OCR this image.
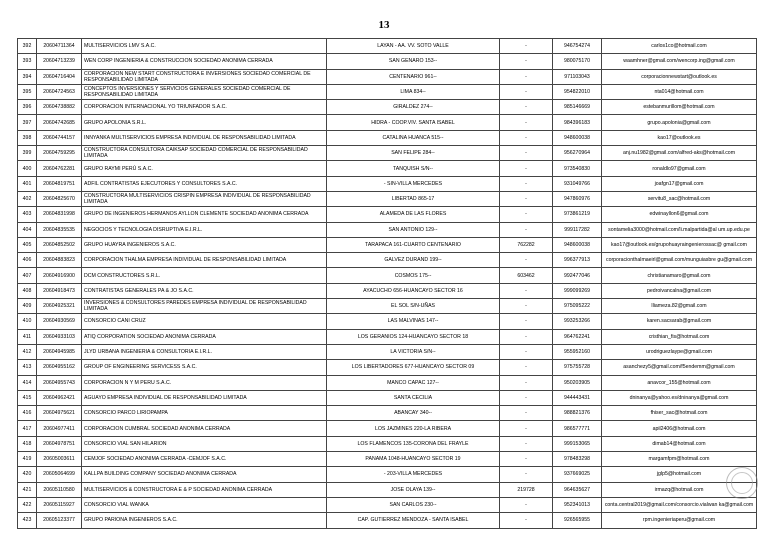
13
392	20604711364	MULTISERVICIOS LMV S.A.C.	LAYAN - AA. VV. SOTO VALLE	-	946754274	carlos1co@hotmail.com
393	20604713239	WEN CORP INGENIERIA & CONSTRUCCION SOCIEDAD ANONIMA CERRADA	SAN GENARO 153--	-	980075170	waamhner@gmail.com/wencorp.ing@gmail.com
394	20604716404	CORPORACION NEW START CONSTRUCTORA E INVERSIONES SOCIEDAD COMERCIAL DE RESPONSABILIDAD LIMITADA	CENTENARIO 961--	-	971103043	corporacionnewstart@outlook.es
395	20604724563	CONCEPTOS INVERSIONES Y SERVICIOS GENERALES SOCIEDAD COMERCIAL DE RESPONSABILIDAD LIMITADA	LIMA 834--	-	954822010	nta014@hotmail.com
396	20604738882	CORPORACION INTERNACIONAL YO TRIUNFADOR S.A.C.	GIRALDEZ 274--	-	985146669	estebanmurillom@hotmail.com
397	20604742685	GRUPO APOLONIA S.R.L.	HIDRA - COOP.VIV. SANTA ISABEL	-	984396183	grupo.apolonia@gmail.com
398	20604744157	INNYANKA MULTISERVICIOS EMPRESA INDIVIDUAL DE RESPONSABILIDAD LIMITADA	CATALINA HUANCA 515--	-	948600038	kao17@outlook.es
399	20604759295	CONSTRUCTORA CONSULTORA CAIKSAP SOCIEDAD COMERCIAL DE RESPONSABILIDAD LIMITADA	SAN FELIPE 284--	-	956270964	anj.nu1982@gmail.com/alfred-aks@hotmail.com
400	20604762281	GRUPO RAYMI PERÚ S.A.C.	TANQUISH S/N--	-	973540830	ronaldlo97@gmail.com
401	20604819751	ADFIL CONTRATISTAS EJECUTORES Y CONSULTORES S.A.C.	- SIN-VILLA MERCEDES	-	931049766	joafgn17@gmail.com
402	20604825670	CONSTRUCTORA MULTISERVICIOS CRISPIN EMPRESA INDIVIDUAL DE RESPONSABILIDAD LIMITADA	LIBERTAD 865-17	-	947860976	servitu8_sac@hotmail.com
403	20604831998	GRUPO DE INGENIEROS HERMANOS AYLLON CLEMENTE SOCIEDAD ANONIMA CERRADA	ALAMEDA DE LAS FLORES	-	973861219	edwinayllon6@gmail.com
404	20604835535	NEGOCIOS Y TECNOLOGIA DISRUPTIVA E.I.R.L.	SAN ANTONIO 129--	-	999117282	sontamelia3000@hotmail.com/li.malpartida@al um.up.edu.pe
405	20604852502	GRUPO HUAYRA INGENIEROS S.A.C.	TARAPACA 161-CUARTO CENTENARIO	762282	948600038	kao17@outlook.es/grupohuayraingenierossac@ gmail.com
406	20604883823	CORPORACION THALMA EMPRESA INDIVIDUAL DE RESPONSABILIDAD LIMITADA	GALVEZ DURAND 199--	-	996377913	corporacionthalmaeirl@gmail.com/munguiasbre gu@gmail.com
407	20604916900	DCM CONSTRUCTORES S.R.L.	COSMOS 175--	603462	992477046	christianamaro@gmail.com
408	20604918473	CONTRATISTAS GENERALES PA & JO S.A.C.	AYACUCHO 656-HUANCAYO SECTOR 16	-	999099269	pedroivancalna@gmail.com
409	20604925321	INVERSIONES & CONSULTORES PAREDES EMPRESA INDIVIDUAL DE RESPONSABILIDAD LIMITADA	EL SOL S/N-UÑAS	-	975095222	lliameza.82@gmail.com
410	20604930569	CONSORCIO CANI CRUZ	LAS MALVINAS 147--	-	993253266	karen.sacsarab@gmail.com
411	20604933103	ATIQ CORPORATION SOCIEDAD ANONIMA CERRADA	LOS GERANIOS 124-HUANCAYO SECTOR 18	-	964762241	cristhian_fis@hotmail.com
412	20604945985	JLYD URBANA INGENIERIA & CONSULTORIA E.I.R.L.	LA VICTORIA S/N--	-	955952160	urodriguezlaype@gmail.com
413	20604955162	GROUP OF ENGINEERING SERVICESS S.A.C.	LOS LIBERTADORES 677-HUANCAYO SECTOR 09	-	975755728	asanchezy5@gmail.com/f5endemm@gmail.com
414	20604955743	CORPORACION N Y M PERU S.A.C.	MANCO CAPAC 127--	-	950203905	anavcor_155@hotmail.com
415	20604962421	AGUAYO EMPRESA INDIVIDUAL DE RESPONSABILIDAD LIMITADA	SANTA CECILIA	-	944443431	dninanya@yahoo.es/dninanya@gmail.com
416	20604975621	CONSORCIO PARCO LIRIOPAMPA	ABANCAY 340--	-	988821376	fhiser_sac@hotmail.com
417	20604977411	CORPORACION CUMBRAL SOCIEDAD ANONIMA CERRADA	LOS JAZMINES 220-LA RIBERA	-	986577771	apil2406@hotmail.com
418	20604978751	CONSORCIO VIAL SAN HILARION	LOS FLAMENCOS 135-CORONA DEL FRAYLE	-	999153065	dimab14@hotmail.com
419	20605003611	CEMJOF SOCIEDAD ANONIMA CERRADA -CEMJOF S.A.C.	PANAMA 1048-HUANCAYO SECTOR 19	-	978483298	margamfpm@hotmail.com
420	20605064699	KALLPA BUILDING COMPANY SOCIEDAD ANONIMA CERRADA	- 203-VILLA MERCEDES	-	937669025	jglp5@hotmail.com
421	20605110580	MULTISERVICIOS & CONSTRUCTORA E & P SOCIEDAD ANONIMA CERRADA	JOSE OLAYA 139--	219728	964635627	irmazq@hotmail.com
422	20605115927	CONSORCIO VIAL WANKA	SAN CARLOS 230--	-	952341013	conta.central2019@gmail.com/consorcio.vialwan ka@gmail.com
423	20605123377	GRUPO PARIONA INGENIEROS S.A.C.	CAP. GUTIERREZ MENDOZA - SANTA ISABEL	-	926565955	rpm.ingenieriaperu@gmail.com
